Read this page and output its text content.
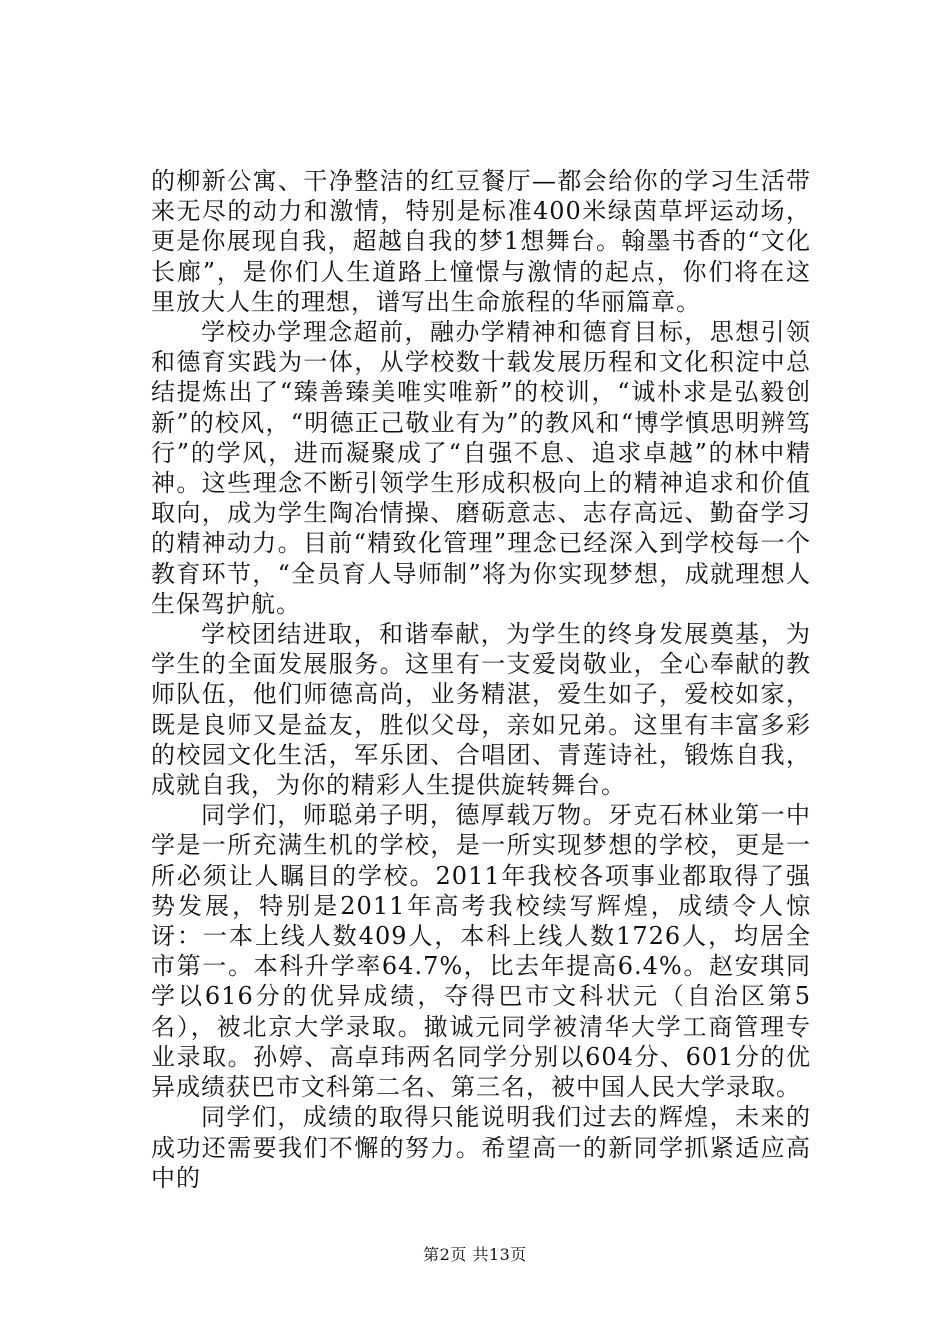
的柳新公寓、干净整洁的红豆餐厅—都会给你的学习生活带来无尽的动力和激情，特别是标准400米绿茵草坪运动场，更是你展现自我，超越自我的梦1想舞台。翰墨书香的“文化长廊”，是你们人生道路上憧憬与激情的起点，你们将在这里放大人生的理想，谱写出生命旅程的华丽篇章。

学校办学理念超前，融办学精神和德育目标，思想引领和德育实践为一体，从学校数十载发展历程和文化积淀中总结提炼出了“臻善臻美唯实唯新”的校训，“诚朴求是弘毅创新”的校风，“明德正己敬业有为”的教风和“博学慎思明辨笃行”的学风，进而凝聚成了“自强不息、追求卓越”的林中精神。这些理念不断引领学生形成积极向上的精神追求和价值取向，成为学生陶冶情操、磨砺意志、志存高远、勤奋学习的精神动力。目前“精致化管理”理念已经深入到学校每一个教育环节，“全员育人导师制”将为你实现梦想，成就理想人生保驾护航。

学校团结进取，和谐奉献，为学生的终身发展奠基，为学生的全面发展服务。这里有一支爱岗敬业，全心奉献的教师队伍，他们师德高尚，业务精湛，爱生如子，爱校如家，既是良师又是益友，胜似父母，亲如兄弟。这里有丰富多彩的校园文化生活，军乐团、合唱团、青莲诗社，锻炼自我，成就自我，为你的精彩人生提供旋转舞台。

同学们，师聪弟子明，德厚载万物。牙克石林业第一中学是一所充满生机的学校，是一所实现梦想的学校，更是一所必须让人瞩目的学校。2011年我校各项事业都取得了强势发展，特别是2011年高考我校续写辉煌，成绩令人惊讶：一本上线人数409人，本科上线人数1726人，均居全市第一。本科升学率64.7%，比去年提高6.4%。赵安琪同学以616分的优异成绩，夺得巴市文科状元（自治区第5名），被北京大学录取。撖诚元同学被清华大学工商管理专业录取。孙婷、高卓玮两名同学分别以604分、601分的优异成绩获巴市文科第二名、第三名，被中国人民大学录取。

同学们，成绩的取得只能说明我们过去的辉煌，未来的成功还需要我们不懈的努力。希望高一的新同学抓紧适应高中的

第2页 共13页
